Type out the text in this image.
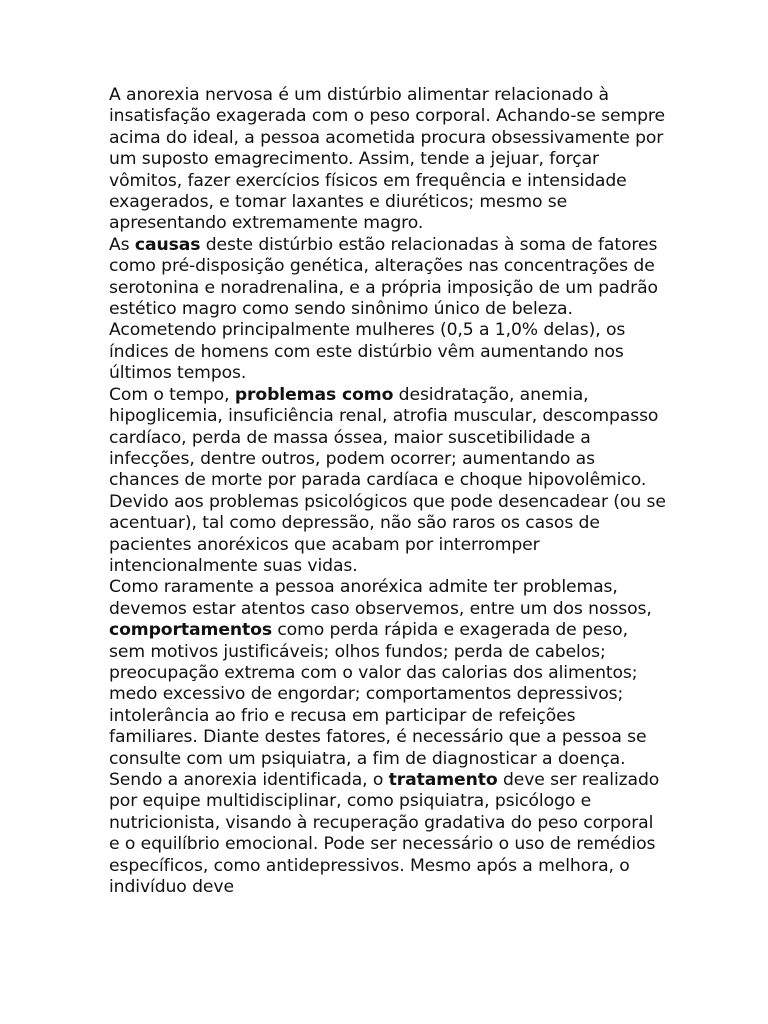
A anorexia nervosa é um distúrbio alimentar relacionado à insatisfação exagerada com o peso corporal. Achando-se sempre acima do ideal, a pessoa acometida procura obsessivamente por um suposto emagrecimento. Assim, tende a jejuar, forçar vômitos, fazer exercícios físicos em frequência e intensidade exagerados, e tomar laxantes e diuréticos; mesmo se apresentando extremamente magro.

As causas deste distúrbio estão relacionadas à soma de fatores como pré-disposição genética, alterações nas concentrações de serotonina e noradrenalina, e a própria imposição de um padrão estético magro como sendo sinônimo único de beleza. Acometendo principalmente mulheres (0,5 a 1,0% delas), os índices de homens com este distúrbio vêm aumentando nos últimos tempos.

Com o tempo, problemas como desidratação, anemia, hipoglicemia, insuficiência renal, atrofia muscular, descompasso cardíaco, perda de massa óssea, maior suscetibilidade a infecções, dentre outros, podem ocorrer; aumentando as chances de morte por parada cardíaca e choque hipovolêmico. Devido aos problemas psicológicos que pode desencadear (ou se acentuar), tal como depressão, não são raros os casos de pacientes anoréxicos que acabam por interromper intencionalmente suas vidas.

Como raramente a pessoa anoréxica admite ter problemas, devemos estar atentos caso observemos, entre um dos nossos, comportamentos como perda rápida e exagerada de peso, sem motivos justificáveis; olhos fundos; perda de cabelos; preocupação extrema com o valor das calorias dos alimentos; medo excessivo de engordar; comportamentos depressivos; intolerância ao frio e recusa em participar de refeições familiares. Diante destes fatores, é necessário que a pessoa se consulte com um psiquiatra, a fim de diagnosticar a doença.

Sendo a anorexia identificada, o tratamento deve ser realizado por equipe multidisciplinar, como psiquiatra, psicólogo e nutricionista, visando à recuperação gradativa do peso corporal e o equilíbrio emocional. Pode ser necessário o uso de remédios específicos, como antidepressivos. Mesmo após a melhora, o indivíduo deve
